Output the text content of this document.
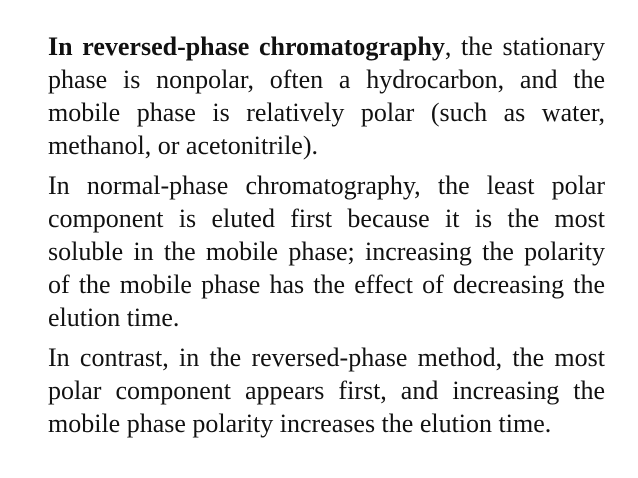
In reversed-phase chromatography, the stationary phase is nonpolar, often a hydrocarbon, and the mobile phase is relatively polar (such as water, methanol, or acetonitrile).

In normal-phase chromatography, the least polar component is eluted first because it is the most soluble in the mobile phase; increasing the polarity of the mobile phase has the effect of decreasing the elution time.

In contrast, in the reversed-phase method, the most polar component appears first, and increasing the mobile phase polarity increases the elution time.
